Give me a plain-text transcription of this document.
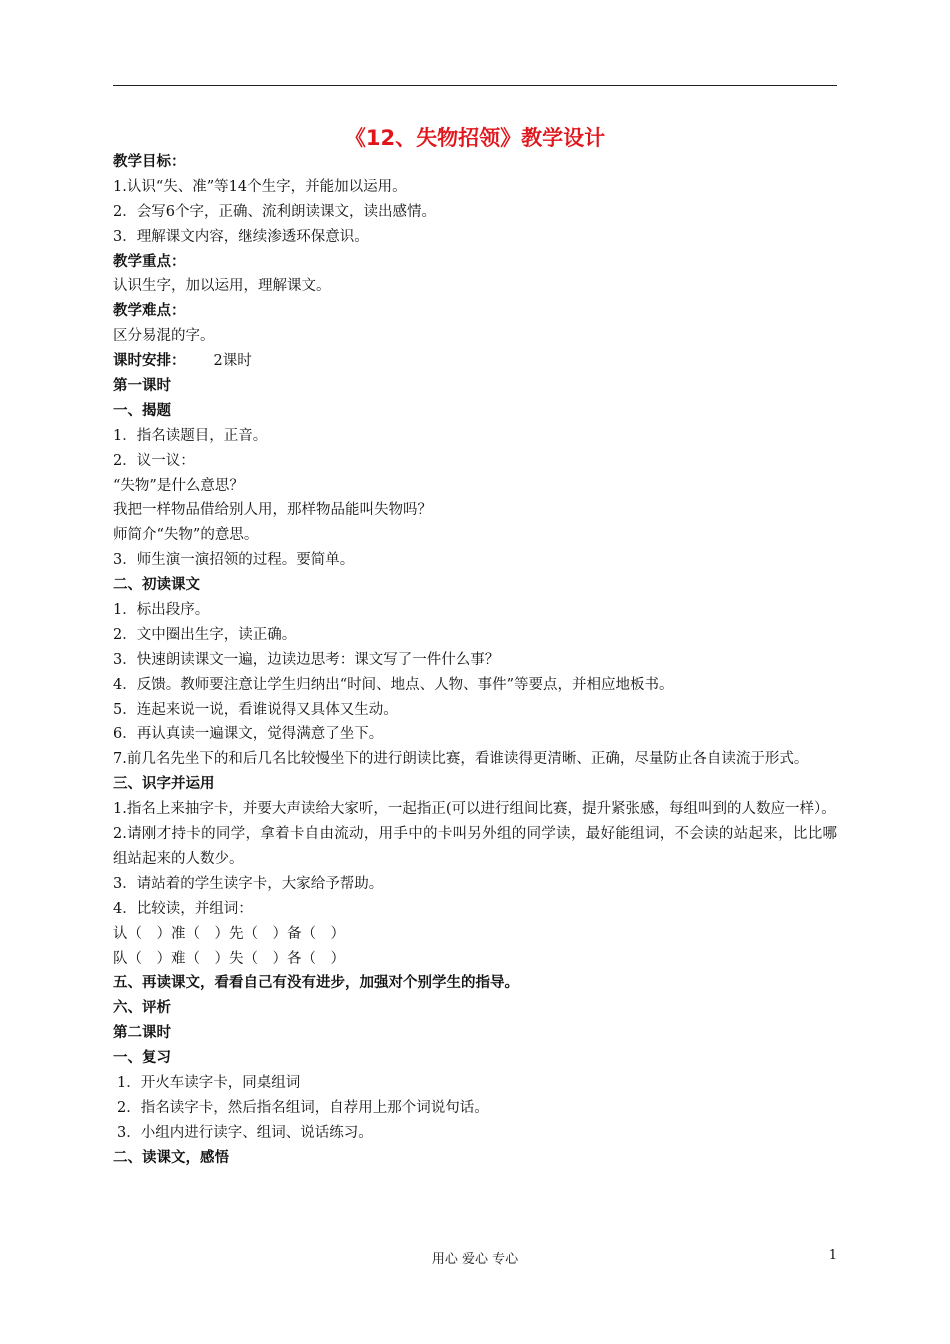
《12、失物招领》教学设计
教学目标：
1.认识“失、准”等14个生字，并能加以运用。
2．会写6个字，正确、流利朗读课文，读出感情。
3．理解课文内容，继续渗透环保意识。
教学重点：
认识生字，加以运用，理解课文。
教学难点：
区分易混的字。
课时安排： 2课时
第一课时
一、揭题
1．指名读题目，正音。
2．议一议：
“失物”是什么意思？
我把一样物品借给别人用，那样物品能叫失物吗？
师简介“失物”的意思。
3．师生演一演招领的过程。要简单。
二、初读课文
1．标出段序。
2．文中圈出生字，读正确。
3．快速朗读课文一遍，边读边思考：课文写了一件什么事？
4．反馈。教师要注意让学生归纳出“时间、地点、人物、事件”等要点，并相应地板书。
5．连起来说一说，看谁说得又具体又生动。
6．再认真读一遍课文，觉得满意了坐下。
7.前几名先坐下的和后几名比较慢坐下的进行朗读比赛，看谁读得更清晰、正确，尽量防止各自读流于形式。
三、识字并运用
1.指名上来抽字卡，并要大声读给大家听，一起指正(可以进行组间比赛，提升紧张感，每组叫到的人数应一样）。
2.请刚才持卡的同学，拿着卡自由流动，用手中的卡叫另外组的同学读，最好能组词，不会读的站起来，比比哪组站起来的人数少。
3．请站着的学生读字卡，大家给予帮助。
4．比较读，并组词：
认（　）准（　）先（　）备（　）
队（　）难（　）失（　）各（　）
五、再读课文，看看自己有没有进步，加强对个别学生的指导。
六、评析
第二课时
一、复习
1．开火车读字卡，同桌组词
2．指名读字卡，然后指名组词，自荐用上那个词说句话。
3．小组内进行读字、组词、说话练习。
二、读课文，感悟
用心 爱心 专心	1
